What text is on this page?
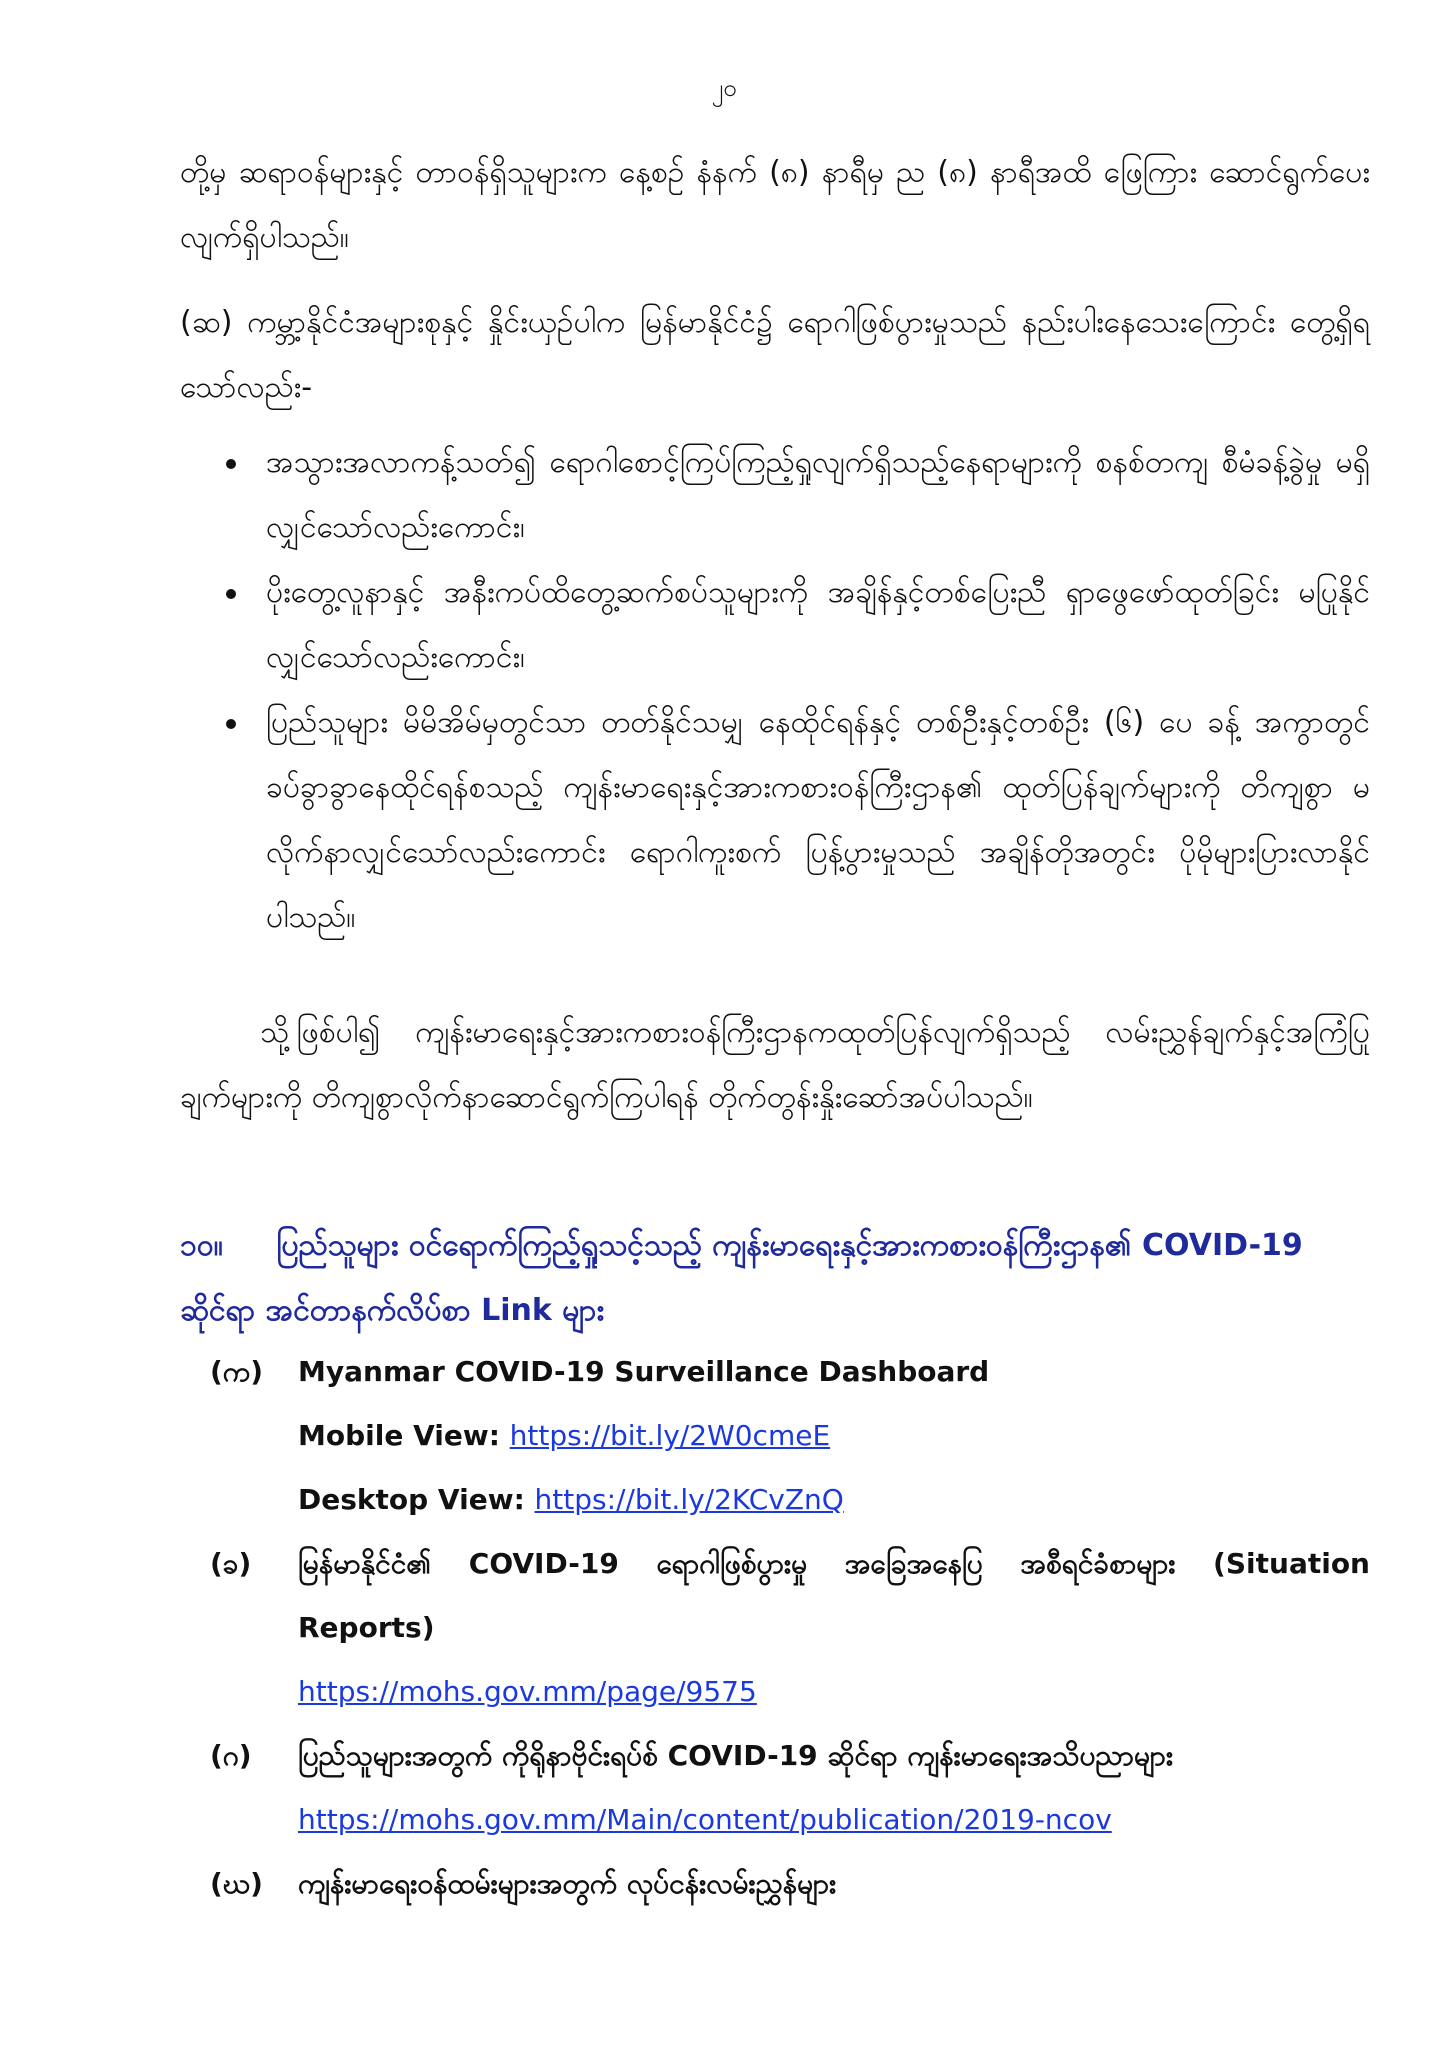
၂၀

တို့မှ ဆရာဝန်များနှင့် တာဝန်ရှိသူများက နေ့စဉ် နံနက် (၈) နာရီမှ ည (၈) နာရီအထိ ဖြေကြား ဆောင်ရွက်ပေးလျက်ရှိပါသည်။

(ဆ) ကမ္ဘာ့နိုင်ငံအများစုနှင့် နှိုင်းယှဉ်ပါက မြန်မာနိုင်ငံ၌ ရောဂါဖြစ်ပွားမှုသည် နည်းပါးနေသေးကြောင်း တွေ့ရှိရသော်လည်း-

အသွားအလာကန့်သတ်၍ ရောဂါစောင့်ကြပ်ကြည့်ရှုလျက်ရှိသည့်နေရာများကို စနစ်တကျ စီမံခန့်ခွဲမှု မရှိလျှင်သော်လည်းကောင်း၊
ပိုးတွေ့လူနာနှင့် အနီးကပ်ထိတွေ့ဆက်စပ်သူများကို အချိန်နှင့်တစ်ပြေးညီ ရှာဖွေဖော်ထုတ်ခြင်း မပြုနိုင်လျှင်သော်လည်းကောင်း၊
ပြည်သူများ မိမိအိမ်မှတွင်သာ တတ်နိုင်သမျှ နေထိုင်ရန်နှင့် တစ်ဦးနှင့်တစ်ဦး (၆) ပေ ခန့် အကွာတွင် ခပ်ခွာခွာနေထိုင်ရန်စသည့် ကျန်းမာရေးနှင့်အားကစားဝန်ကြီးဌာန၏ ထုတ်ပြန်ချက်များကို တိကျစွာ မလိုက်နာလျှင်သော်လည်းကောင်း ရောဂါကူးစက် ပြန့်ပွားမှုသည် အချိန်တိုအတွင်း ပိုမိုများပြားလာနိုင်ပါသည်။

သို့ဖြစ်ပါ၍ ကျန်းမာရေးနှင့်အားကစားဝန်ကြီးဌာနကထုတ်ပြန်လျက်ရှိသည့် လမ်းညွှန်ချက်နှင့်အကြံပြုချက်များကို တိကျစွာလိုက်နာဆောင်ရွက်ကြပါရန် တိုက်တွန်းနှိုးဆော်အပ်ပါသည်။

၁၀။ ပြည်သူများ ဝင်ရောက်ကြည့်ရှုသင့်သည့် ကျန်းမာရေးနှင့်အားကစားဝန်ကြီးဌာန၏ COVID-19 ဆိုင်ရာ အင်တာနက်လိပ်စာ Link များ
(က) Myanmar COVID-19 Surveillance Dashboard
Mobile View: https://bit.ly/2W0cmeE
Desktop View: https://bit.ly/2KCvZnQ
(ခ) မြန်မာနိုင်ငံ၏ COVID-19 ရောဂါဖြစ်ပွားမှု အခြေအနေပြ အစီရင်ခံစာများ (Situation Reports)
https://mohs.gov.mm/page/9575
(ဂ) ပြည်သူများအတွက် ကိုရိုနာဗိုင်းရပ်စ် COVID-19 ဆိုင်ရာ ကျန်းမာရေးအသိပညာများ
https://mohs.gov.mm/Main/content/publication/2019-ncov
(ဃ) ကျန်းမာရေးဝန်ထမ်းများအတွက် လုပ်ငန်းလမ်းညွှန်များ
